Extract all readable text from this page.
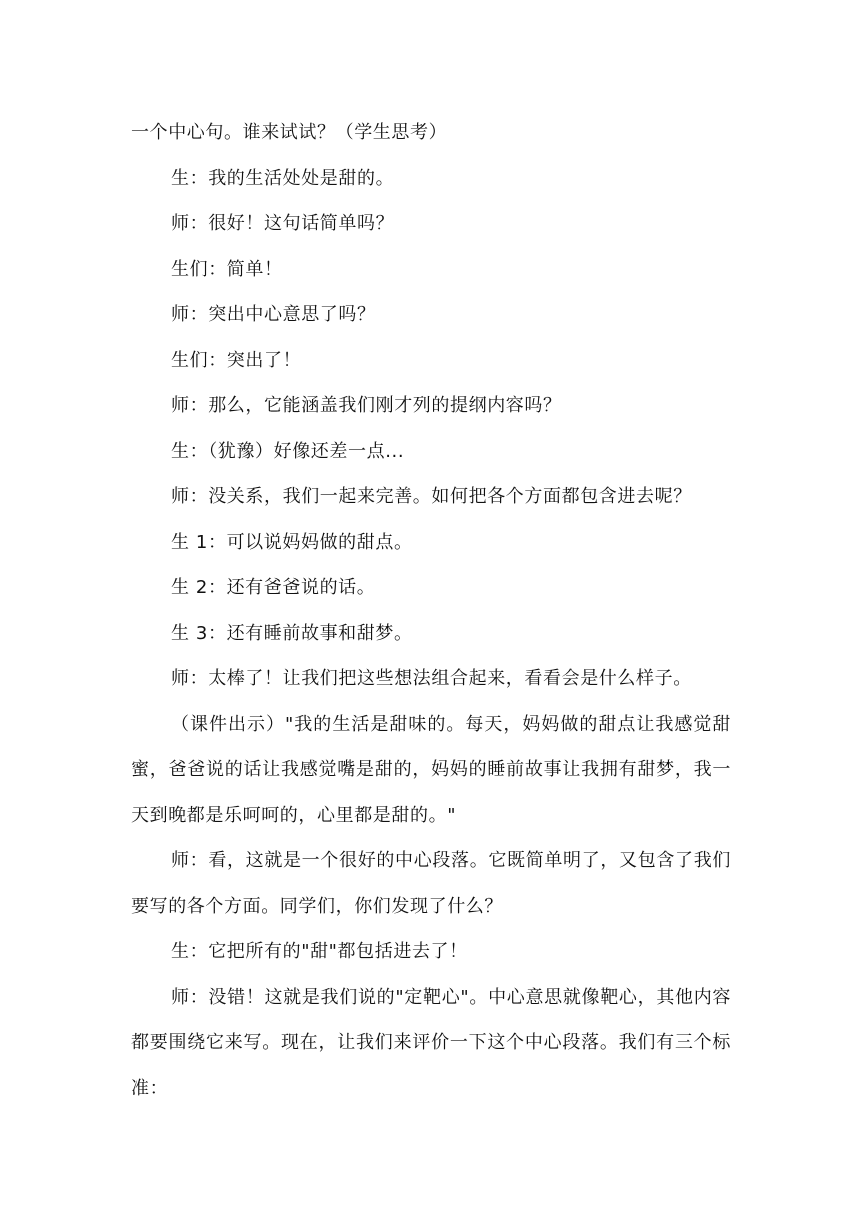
一个中心句。谁来试试？（学生思考）

生：我的生活处处是甜的。

师：很好！这句话简单吗？

生们：简单！

师：突出中心意思了吗？

生们：突出了！

师：那么，它能涵盖我们刚才列的提纲内容吗？

生：（犹豫）好像还差一点...

师：没关系，我们一起来完善。如何把各个方面都包含进去呢？

生 1：可以说妈妈做的甜点。

生 2：还有爸爸说的话。

生 3：还有睡前故事和甜梦。

师：太棒了！让我们把这些想法组合起来，看看会是什么样子。

（课件出示）"我的生活是甜味的。每天，妈妈做的甜点让我感觉甜蜜，爸爸说的话让我感觉嘴是甜的，妈妈的睡前故事让我拥有甜梦，我一天到晚都是乐呵呵的，心里都是甜的。"

师：看，这就是一个很好的中心段落。它既简单明了，又包含了我们要写的各个方面。同学们，你们发现了什么？

生：它把所有的"甜"都包括进去了！

师：没错！这就是我们说的"定靶心"。中心意思就像靶心，其他内容都要围绕它来写。现在，让我们来评价一下这个中心段落。我们有三个标准：
